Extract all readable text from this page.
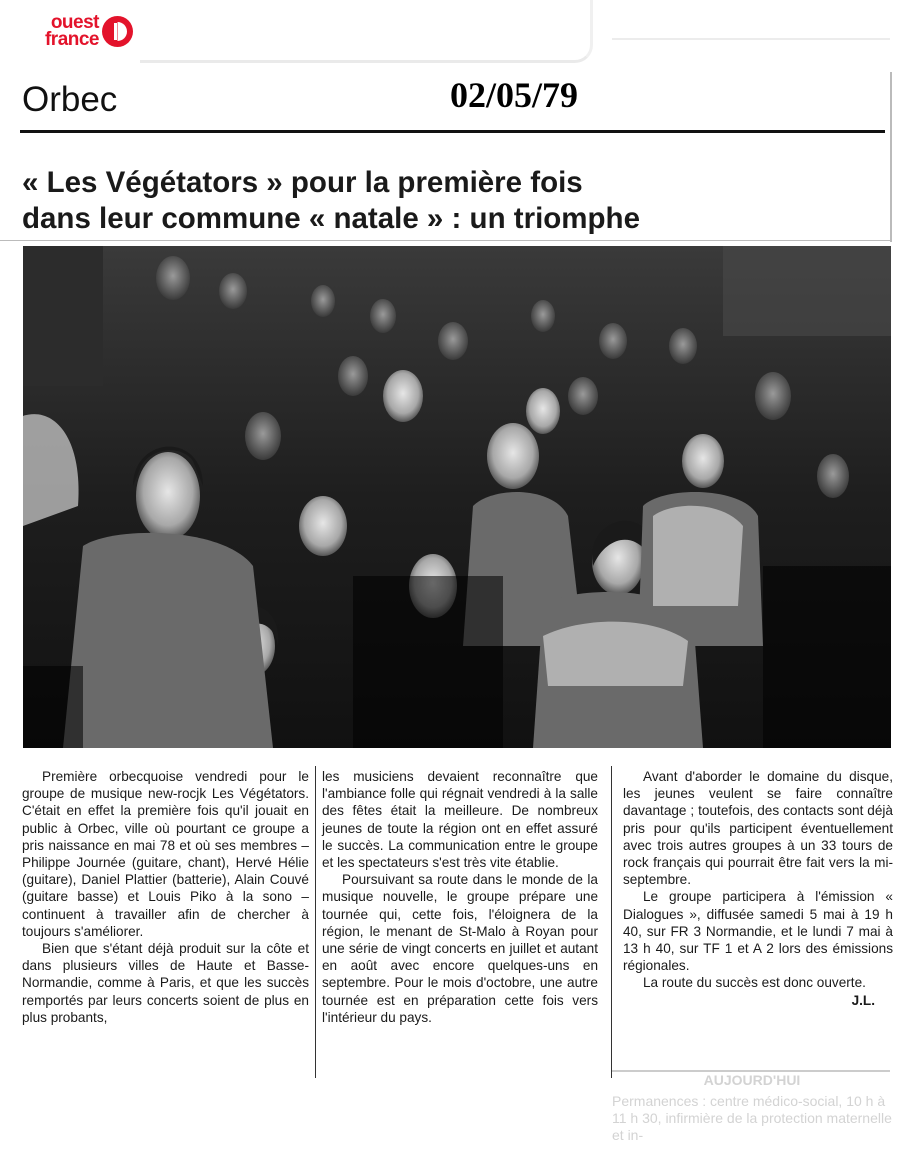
ouest
france
Orbec	02/05/79
« Les Végétators » pour la première fois
dans leur commune « natale » : un triomphe

Première orbecquoise vendredi pour le groupe de musique new-rocjk Les Végétators. C'était en effet la première fois qu'il jouait en public à Orbec, ville où pourtant ce groupe a pris naissance en mai 78 et où ses membres – Philippe Journée (guitare, chant), Hervé Hélie (guitare), Daniel Plattier (batterie), Alain Couvé (guitare basse) et Louis Piko à la sono – continuent à travailler afin de chercher à toujours s'améliorer.

Bien que s'étant déjà produit sur la côte et dans plusieurs villes de Haute et Basse-Normandie, comme à Paris, et que les succès remportés par leurs concerts soient de plus en plus probants,

les musiciens devaient reconnaître que l'ambiance folle qui régnait vendredi à la salle des fêtes était la meilleure. De nombreux jeunes de toute la région ont en effet assuré le succès. La communication entre le groupe et les spectateurs s'est très vite établie.

Poursuivant sa route dans le monde de la musique nouvelle, le groupe prépare une tournée qui, cette fois, l'éloignera de la région, le menant de St-Malo à Royan pour une série de vingt concerts en juillet et autant en août avec encore quelques-uns en septembre. Pour le mois d'octobre, une autre tournée est en préparation cette fois vers l'intérieur du pays.

Avant d'aborder le domaine du disque, les jeunes veulent se faire connaître davantage ; toutefois, des contacts sont déjà pris pour qu'ils participent éventuellement avec trois autres groupes à un 33 tours de rock français qui pourrait être fait vers la mi-septembre.

Le groupe participera à l'émission « Dialogues », diffusée samedi 5 mai à 19 h 40, sur FR 3 Normandie, et le lundi 7 mai à 13 h 40, sur TF 1 et A 2 lors des émissions régionales.

La route du succès est donc ouverte.

J.L.
AUJOURD'HUI
Permanences : centre médico-social, 10 h à 11 h 30, infirmière de la protection maternelle et in-
